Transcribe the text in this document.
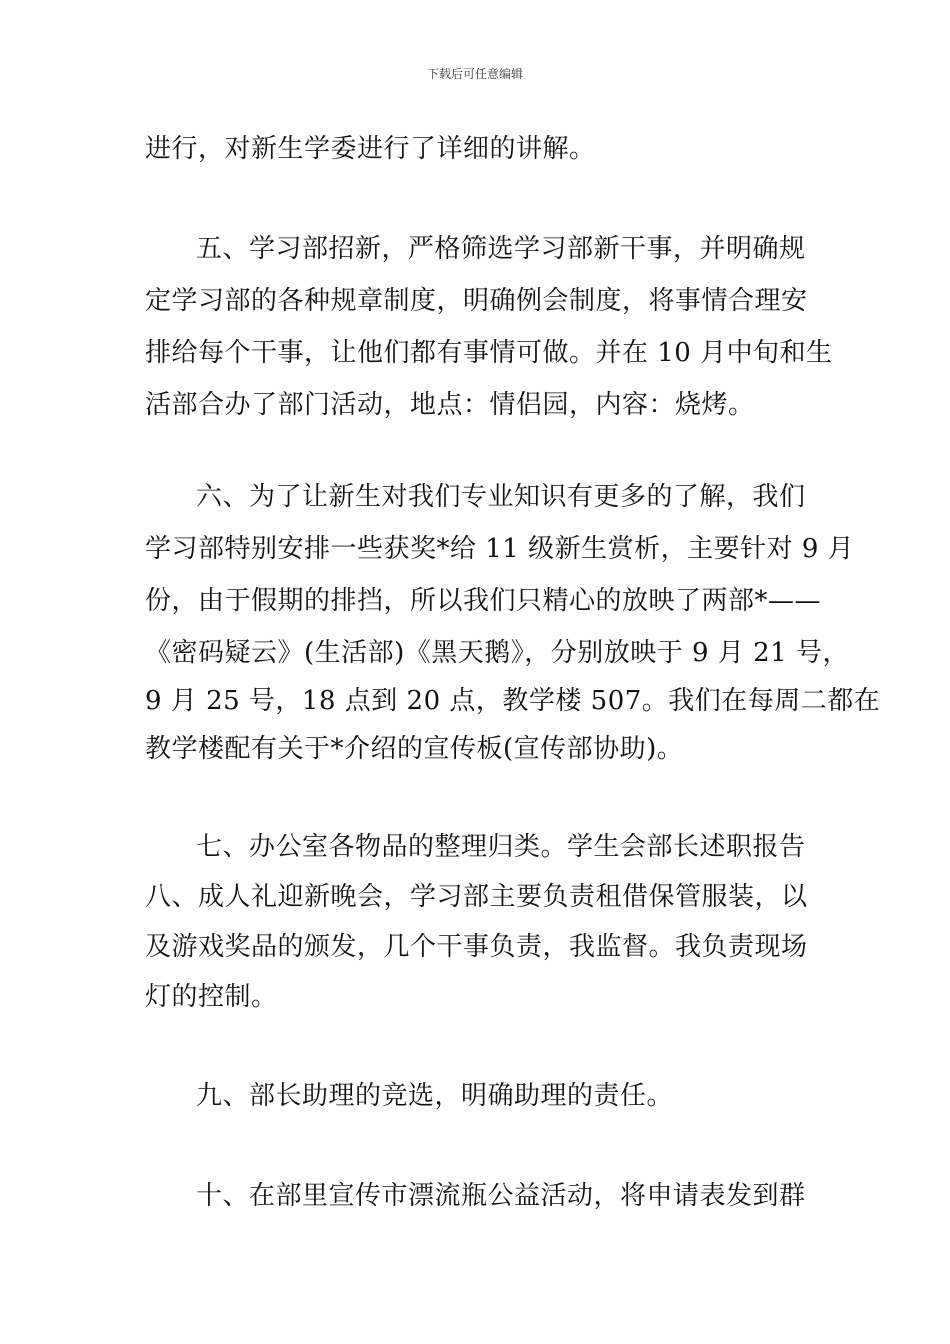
下载后可任意编辑
进行，对新生学委进行了详细的讲解。
五、学习部招新，严格筛选学习部新干事，并明确规
定学习部的各种规章制度，明确例会制度，将事情合理安
排给每个干事，让他们都有事情可做。并在 10 月中旬和生
活部合办了部门活动，地点：情侣园，内容：烧烤。
六、为了让新生对我们专业知识有更多的了解，我们
学习部特别安排一些获奖*给 11 级新生赏析，主要针对 9 月
份，由于假期的排挡，所以我们只精心的放映了两部*——
《密码疑云》(生活部)《黑天鹅》，分别放映于 9 月 21 号，
9 月 25 号，18 点到 20 点，教学楼 507。我们在每周二都在
教学楼配有关于*介绍的宣传板(宣传部协助)。
七、办公室各物品的整理归类。学生会部长述职报告
八、成人礼迎新晚会，学习部主要负责租借保管服装，以
及游戏奖品的颁发，几个干事负责，我监督。我负责现场
灯的控制。
九、部长助理的竞选，明确助理的责任。
十、在部里宣传市漂流瓶公益活动，将申请表发到群
